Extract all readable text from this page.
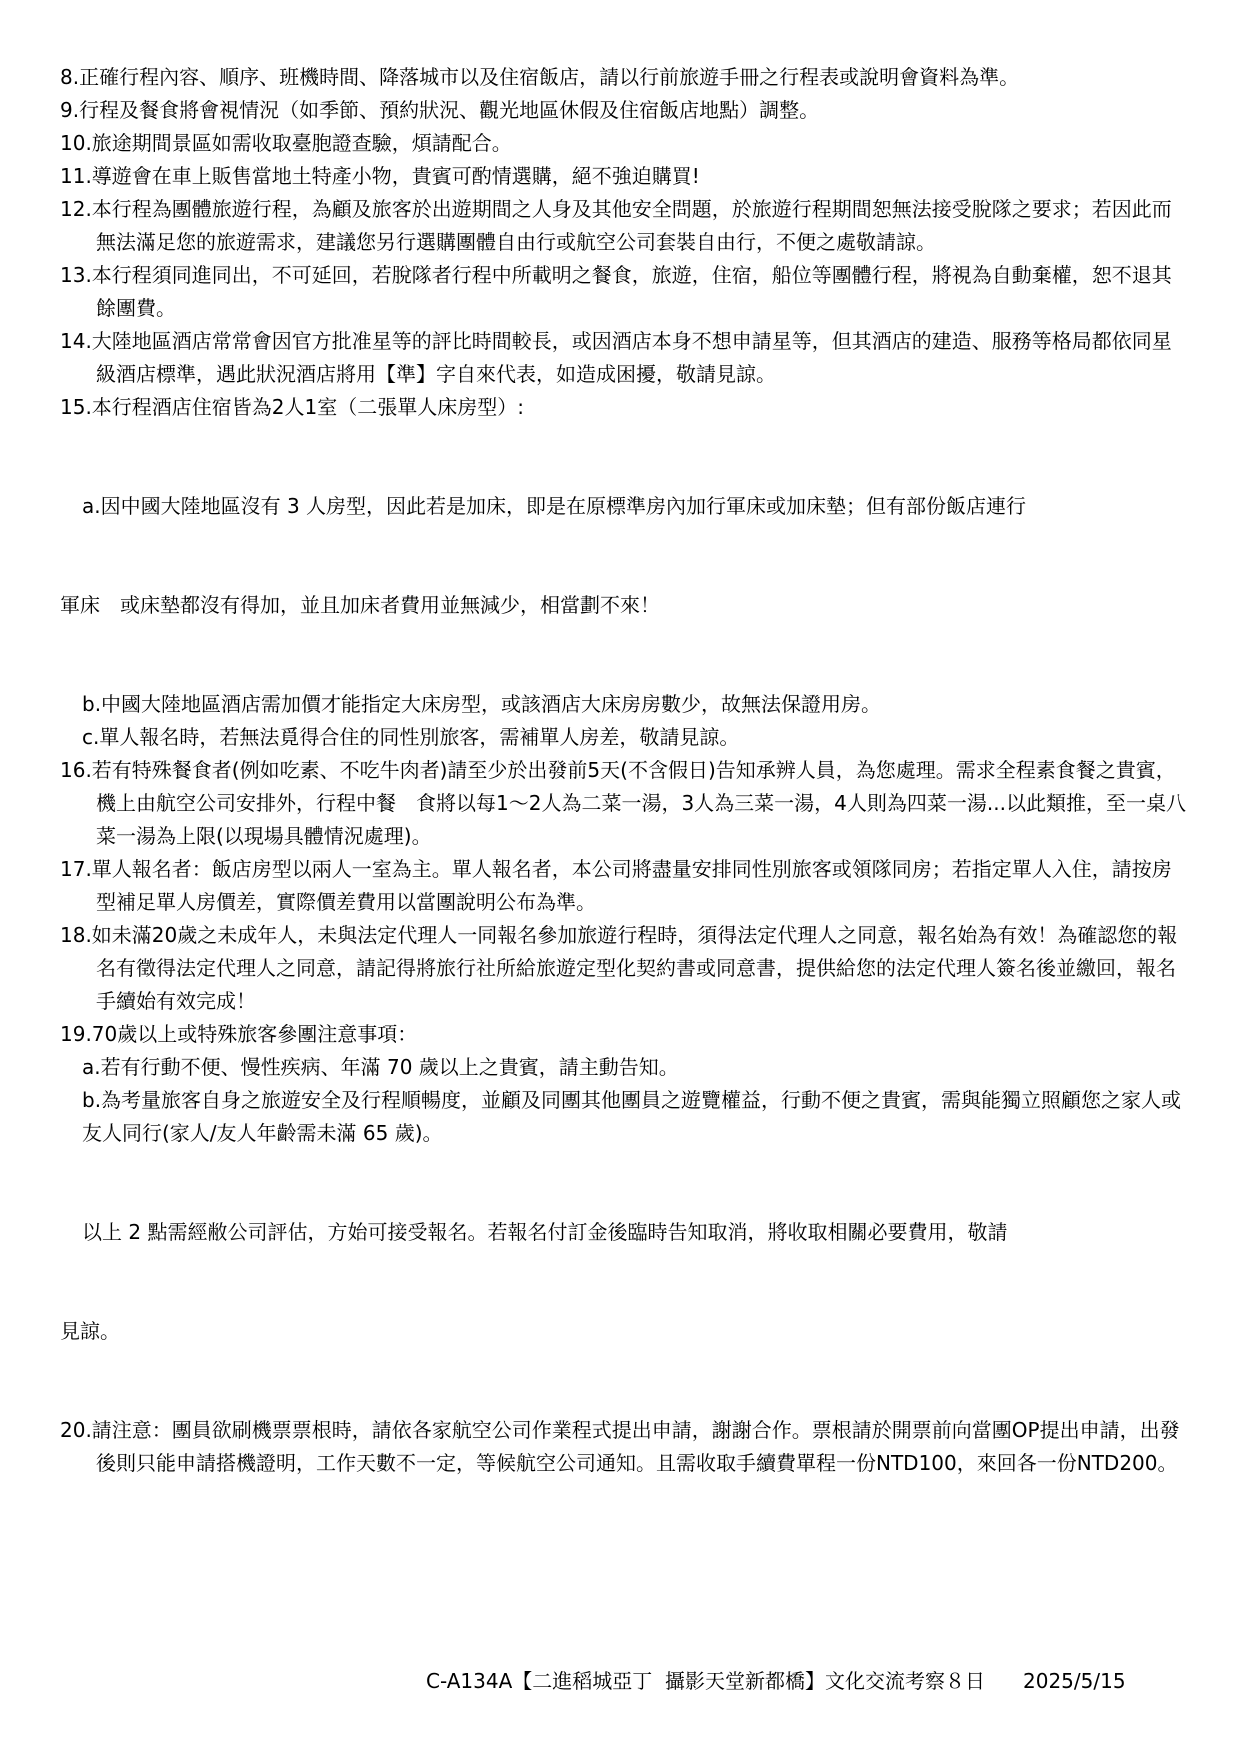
8.正確行程內容、順序、班機時間、降落城市以及住宿飯店，請以行前旅遊手冊之行程表或說明會資料為準。
9.行程及餐食將會視情況（如季節、預約狀況、觀光地區休假及住宿飯店地點）調整。
10.旅途期間景區如需收取臺胞證查驗，煩請配合。
11.導遊會在車上販售當地土特產小物，貴賓可酌情選購，絕不強迫購買!
12.本行程為團體旅遊行程，為顧及旅客於出遊期間之人身及其他安全問題，於旅遊行程期間恕無法接受脫隊之要求；若因此而無法滿足您的旅遊需求，建議您另行選購團體自由行或航空公司套裝自由行，不便之處敬請諒。
13.本行程須同進同出，不可延回，若脫隊者行程中所載明之餐食，旅遊，住宿，船位等團體行程，將視為自動棄權，恕不退其餘團費。
14.大陸地區酒店常常會因官方批准星等的評比時間較長，或因酒店本身不想申請星等，但其酒店的建造、服務等格局都依同星級酒店標準，遇此狀況酒店將用【準】字自來代表，如造成困擾，敬請見諒。
15.本行程酒店住宿皆為2人1室（二張單人床房型）:

a.因中國大陸地區沒有 3 人房型，因此若是加床，即是在原標準房內加行軍床或加床墊；但有部份飯店連行

軍床　或床墊都沒有得加，並且加床者費用並無減少，相當劃不來！

b.中國大陸地區酒店需加價才能指定大床房型，或該酒店大床房房數少，故無法保證用房。
c.單人報名時，若無法覓得合住的同性別旅客，需補單人房差，敬請見諒。
16.若有特殊餐食者(例如吃素、不吃牛肉者)請至少於出發前5天(不含假日)告知承辨人員，為您處理。需求全程素食餐之貴賓，機上由航空公司安排外，行程中餐　食將以每1～2人為二菜一湯，3人為三菜一湯，4人則為四菜一湯...以此類推，至一桌八菜一湯為上限(以現場具體情況處理)。
17.單人報名者：飯店房型以兩人一室為主。單人報名者，本公司將盡量安排同性別旅客或領隊同房；若指定單人入住，請按房型補足單人房價差，實際價差費用以當團說明公布為準。
18.如未滿20歲之未成年人，未與法定代理人一同報名參加旅遊行程時，須得法定代理人之同意，報名始為有效！為確認您的報名有徵得法定代理人之同意，請記得將旅行社所給旅遊定型化契約書或同意書，提供給您的法定代理人簽名後並繳回，報名手續始有效完成！
19.70歲以上或特殊旅客參團注意事項：
a.若有行動不便、慢性疾病、年滿 70 歲以上之貴賓，請主動告知。
b.為考量旅客自身之旅遊安全及行程順暢度，並顧及同團其他團員之遊覽權益，行動不便之貴賓，需與能獨立照顧您之家人或友人同行(家人/友人年齡需未滿 65 歲)。

以上 2 點需經敝公司評估，方始可接受報名。若報名付訂金後臨時告知取消，將收取相關必要費用，敬請

見諒。

20.請注意：團員欲刷機票票根時，請依各家航空公司作業程式提出申請，謝謝合作。票根請於開票前向當團OP提出申請，出發後則只能申請搭機證明，工作天數不一定，等候航空公司通知。且需收取手續費單程一份NTD100，來回各一份NTD200。
C-A134A【二進稻城亞丁  攝影天堂新都橋】文化交流考察８日 2025/5/15
